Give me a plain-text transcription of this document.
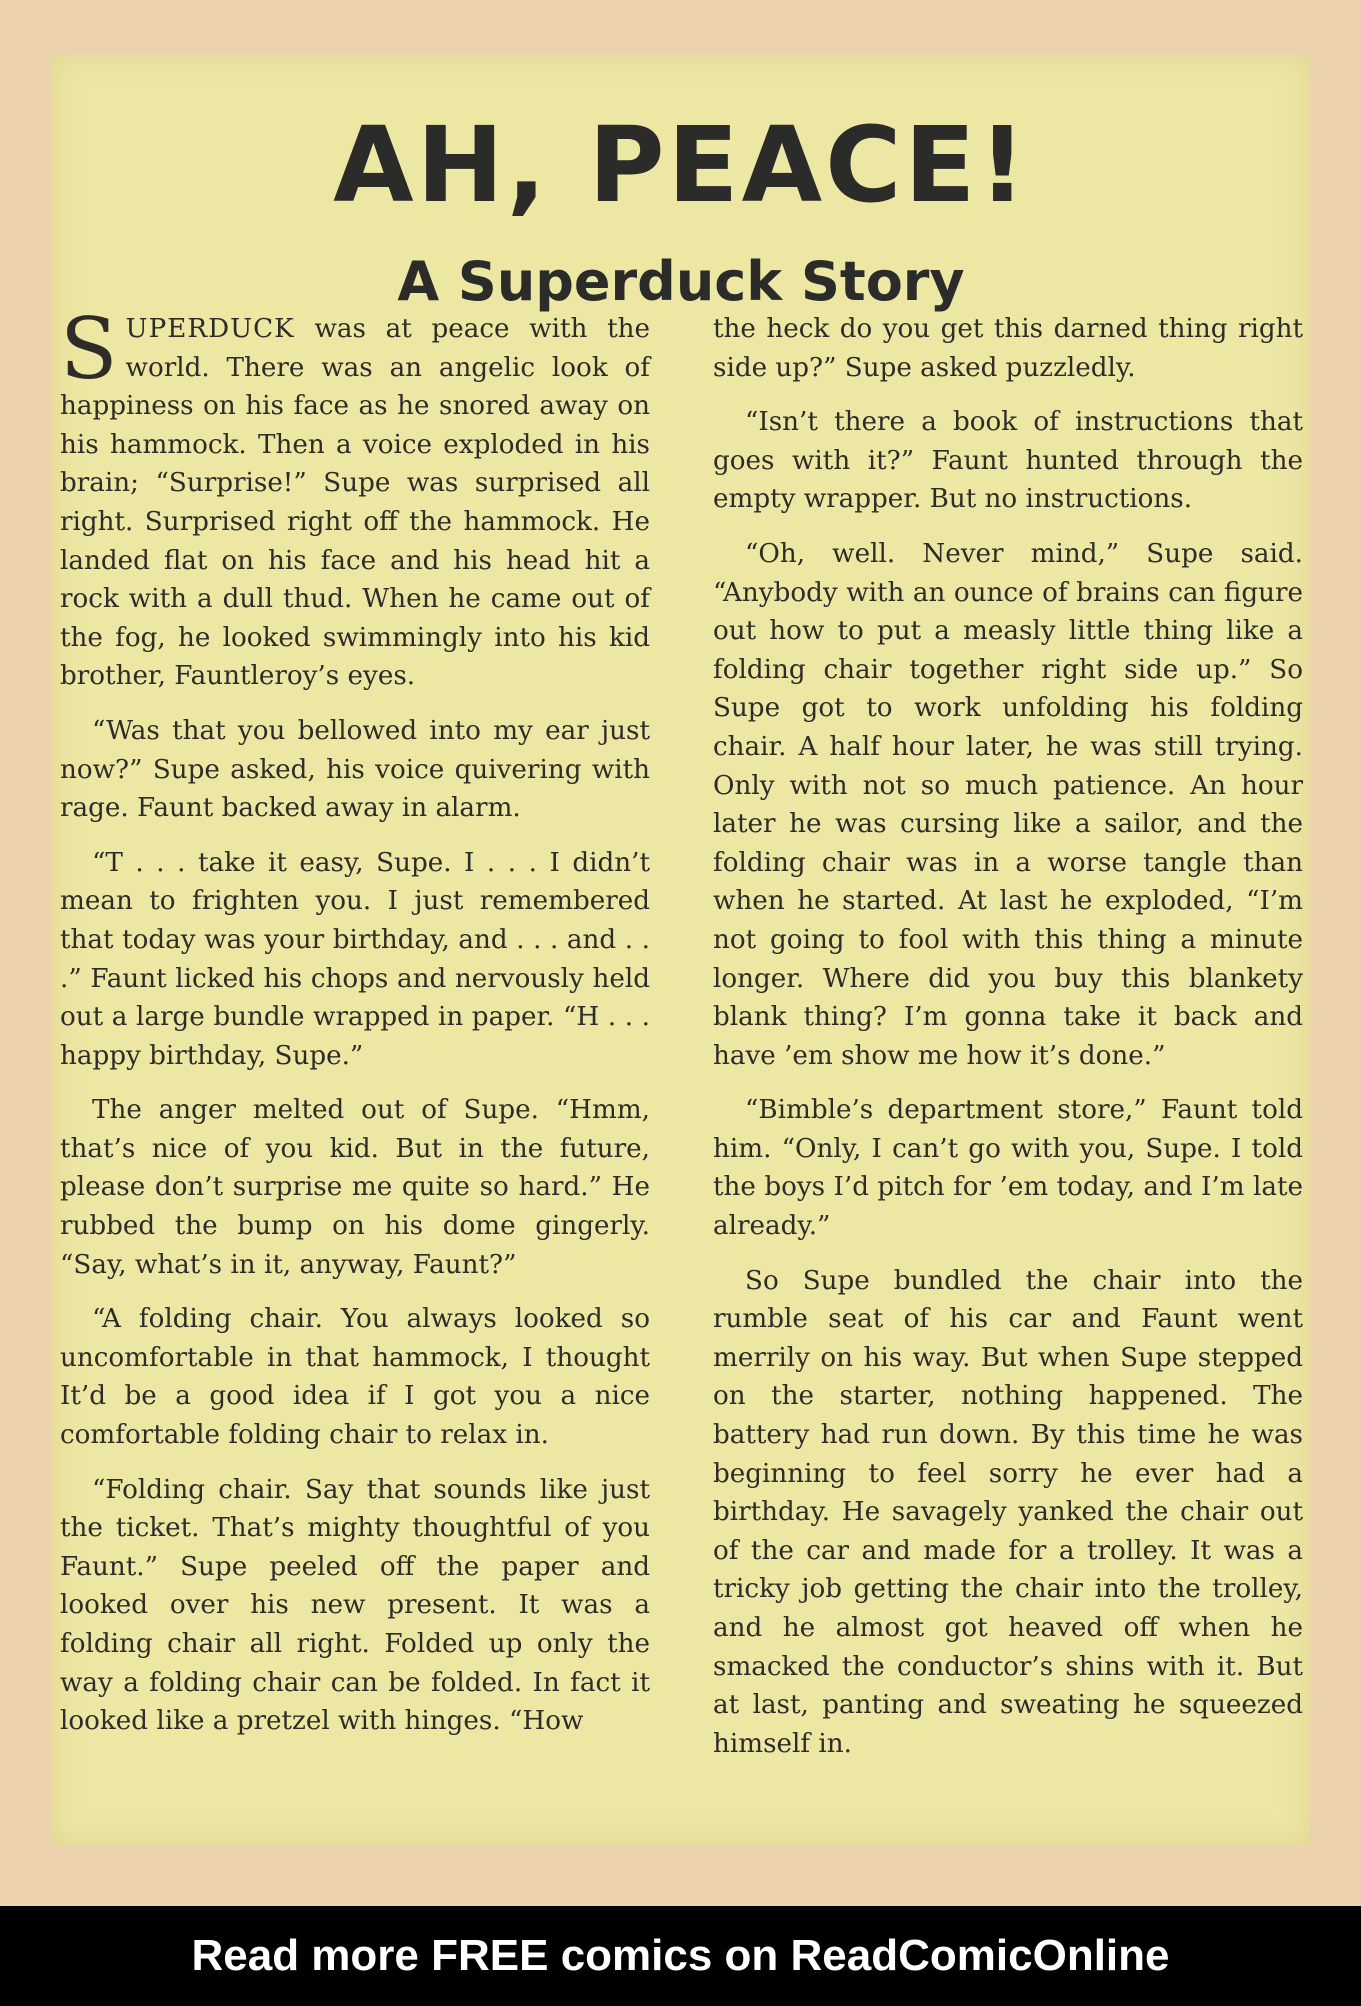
AH, PEACE!
A Superduck Story

SUPERDUCK was at peace with the world. There was an angelic look of happiness on his face as he snored away on his hammock. Then a voice exploded in his brain; “Surprise!” Supe was surprised all right. Surprised right off the hammock. He landed flat on his face and his head hit a rock with a dull thud. When he came out of the fog, he looked swimmingly into his kid brother, Fauntleroy’s eyes.

“Was that you bellowed into my ear just now?” Supe asked, his voice quivering with rage. Faunt backed away in alarm.

“T . . . take it easy, Supe. I . . . I didn’t mean to frighten you. I just remembered that today was your birthday, and . . . and . . .” Faunt licked his chops and nervously held out a large bundle wrapped in paper. “H . . . happy birthday, Supe.”

The anger melted out of Supe. “Hmm, that’s nice of you kid. But in the future, please don’t surprise me quite so hard.” He rubbed the bump on his dome gingerly. “Say, what’s in it, anyway, Faunt?”

“A folding chair. You always looked so uncomfortable in that hammock, I thought It’d be a good idea if I got you a nice comfortable folding chair to relax in.

“Folding chair. Say that sounds like just the ticket. That’s mighty thoughtful of you Faunt.” Supe peeled off the paper and looked over his new present. It was a folding chair all right. Folded up only the way a folding chair can be folded. In fact it looked like a pretzel with hinges. “How

the heck do you get this darned thing right side up?” Supe asked puzzledly.

“Isn’t there a book of instructions that goes with it?” Faunt hunted through the empty wrapper. But no instructions.

“Oh, well. Never mind,” Supe said. “Anybody with an ounce of brains can figure out how to put a measly little thing like a folding chair together right side up.” So Supe got to work unfolding his folding chair. A half hour later, he was still trying. Only with not so much patience. An hour later he was cursing like a sailor, and the folding chair was in a worse tangle than when he started. At last he exploded, “I’m not going to fool with this thing a minute longer. Where did you buy this blankety blank thing? I’m gonna take it back and have ’em show me how it’s done.”

“Bimble’s department store,” Faunt told him. “Only, I can’t go with you, Supe. I told the boys I’d pitch for ’em today, and I’m late already.”

So Supe bundled the chair into the rumble seat of his car and Faunt went merrily on his way. But when Supe stepped on the starter, nothing happened. The battery had run down. By this time he was beginning to feel sorry he ever had a birthday. He savagely yanked the chair out of the car and made for a trolley. It was a tricky job getting the chair into the trolley, and he almost got heaved off when he smacked the conductor’s shins with it. But at last, panting and sweating he squeezed himself in.

Read more FREE comics on ReadComicOnline
